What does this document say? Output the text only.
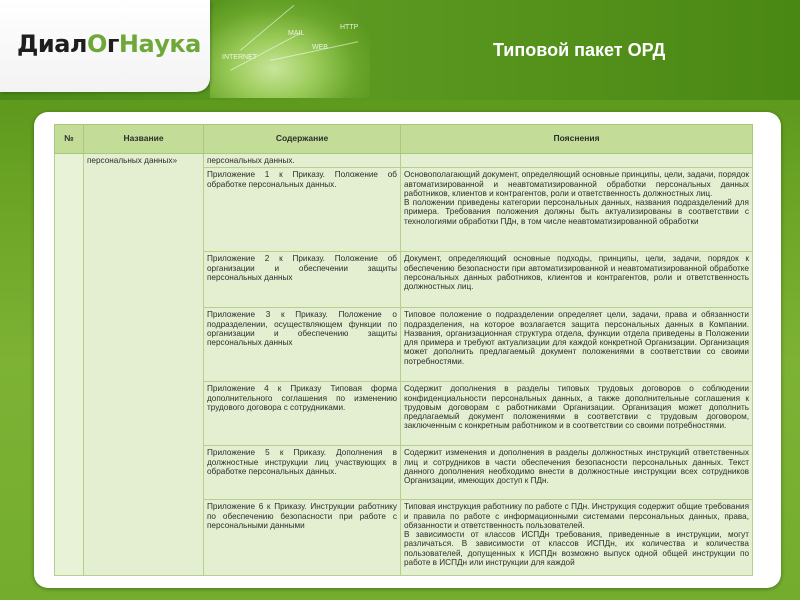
HTTP
MAIL
WEB
INTERNET
ДиалОгНаука	Типовой пакет ОРД
№	Название	Содержание	Пояснения
	персональных данных»	персональных данных.	
		Приложение 1 к Приказу. Положение об обработке персональных данных.	Основополагающий документ, определяющий основные принципы, цели, задачи, порядок автоматизированной и неавтоматизированной обработки персональных данных работников, клиентов и контрагентов, роли и ответственность должностных лиц.
В положении приведены категории персональных данных, названия подразделений для примера. Требования положения должны быть актуализированы в соответствии с технологиями обработки ПДн, в том числе неавтоматизированной обработки

		Приложение 2 к Приказу. Положение об организации и обеспечении защиты персональных данных	Документ, определяющий основные подходы, принципы, цели, задачи, порядок к обеспечению безопасности при автоматизированной и неавтоматизированной обработке персональных данных работников, клиентов и контрагентов, роли и ответственность должностных лиц.

		Приложение 3 к Приказу. Положение о подразделении, осуществляющем функции по организации и обеспечению защиты персональных данных	Типовое положение о подразделении определяет цели, задачи, права и обязанности подразделения, на которое возлагается защита персональных данных в Компании. Названия, организационная структура отдела, функции отдела приведены в Положении для примера и требуют актуализации для каждой конкретной Организации. Организация может дополнить предлагаемый документ положениями в соответствии со своими потребностями.

		Приложение 4 к Приказу Типовая форма дополнительного соглашения по изменению трудового договора с сотрудниками.	Содержит дополнения в разделы типовых трудовых договоров о соблюдении конфиденциальности персональных данных, а также дополнительные соглашения к трудовым договорам с работниками Организации. Организация может дополнить предлагаемый документ положениями в соответствии с трудовым договором, заключенным с конкретным работником и в соответствии со своими потребностями.

		Приложение 5 к Приказу. Дополнения в должностные инструкции лиц участвующих в обработке персональных данных.	Содержит изменения и дополнения в разделы должностных инструкций ответственных лиц и сотрудников в части обеспечения безопасности персональных данных. Текст данного дополнения необходимо внести в должностные инструкции всех сотрудников Организации, имеющих доступ к ПДн.

		Приложение 6 к Приказу. Инструкции работнику по обеспечению безопасности при работе с персональными данными	Типовая инструкция работнику по работе с ПДн. Инструкция содержит общие требования и правила по работе с информационными системами персональных данных, права, обязанности и ответственность пользователей.
В зависимости от классов ИСПДн требования, приведенные в инструкции, могут различаться. В зависимости от классов ИСПДн, их количества и количества пользователей, допущенных к ИСПДн возможно выпуск одной общей инструкции по работе в ИСПДн или инструкции для каждой
